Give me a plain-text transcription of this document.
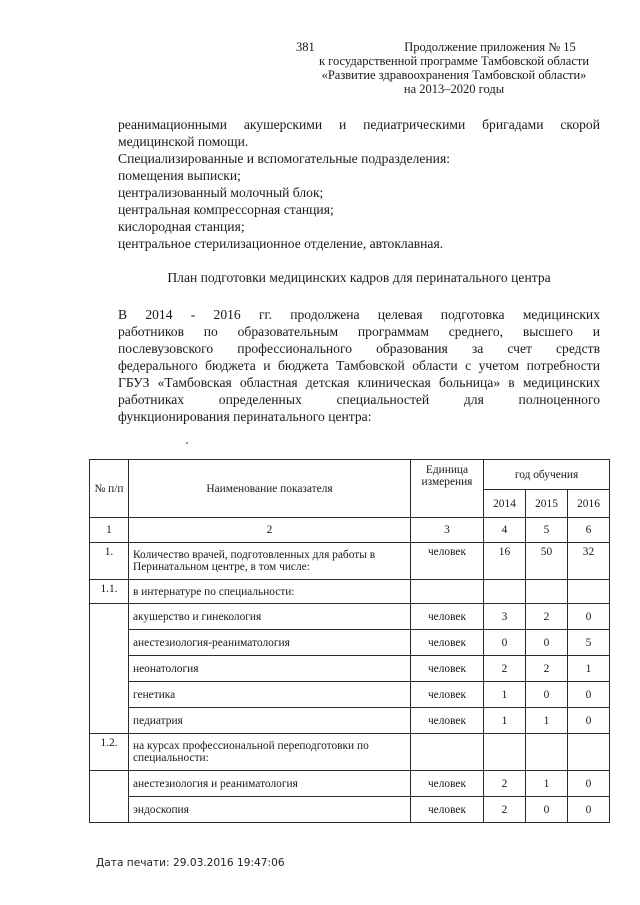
381	Продолжение приложения № 15
к государственной программе Тамбовской области
«Развитие здравоохранения Тамбовской области»
на 2013–2020 годы
реанимационными акушерскими и педиатрическими бригадами скорой
медицинской помощи.
Специализированные и вспомогательные подразделения:
помещения выписки;
централизованный молочный блок;
центральная компрессорная станция;
кислородная станция;
центральное стерилизационное отделение, автоклавная.
План подготовки медицинских кадров для перинатального центра
В 2014 - 2016 гг. продолжена целевая подготовка медицинских
работников по образовательным программам среднего, высшего и
послевузовского профессионального образования за счет средств
федерального бюджета и бюджета Тамбовской области с учетом потребности
ГБУЗ «Тамбовская областная детская клиническая больница» в медицинских
работниках определенных специальностей для полноценного
функционирования перинатального центра:
№ п/п	Наименование показателя	Единица измерения	год обучения		
			2014	2015	2016
1	2	3	4	5	6
1.	Количество врачей, подготовленных для работы в Перинатальном центре, в том числе:	человек	16	50	32
1.1.	в интернатуре по специальности:				
	акушерство и гинекология	человек	3	2	0
	анестезиология-реаниматология	человек	0	0	5
	неонатология	человек	2	2	1
	генетика	человек	1	0	0
	педиатрия	человек	1	1	0
1.2.	на курсах профессиональной переподготовки по специальности:				
	анестезиология и реаниматология	человек	2	1	0
	эндоскопия	человек	2	0	0
Дата печати: 29.03.2016 19:47:06
